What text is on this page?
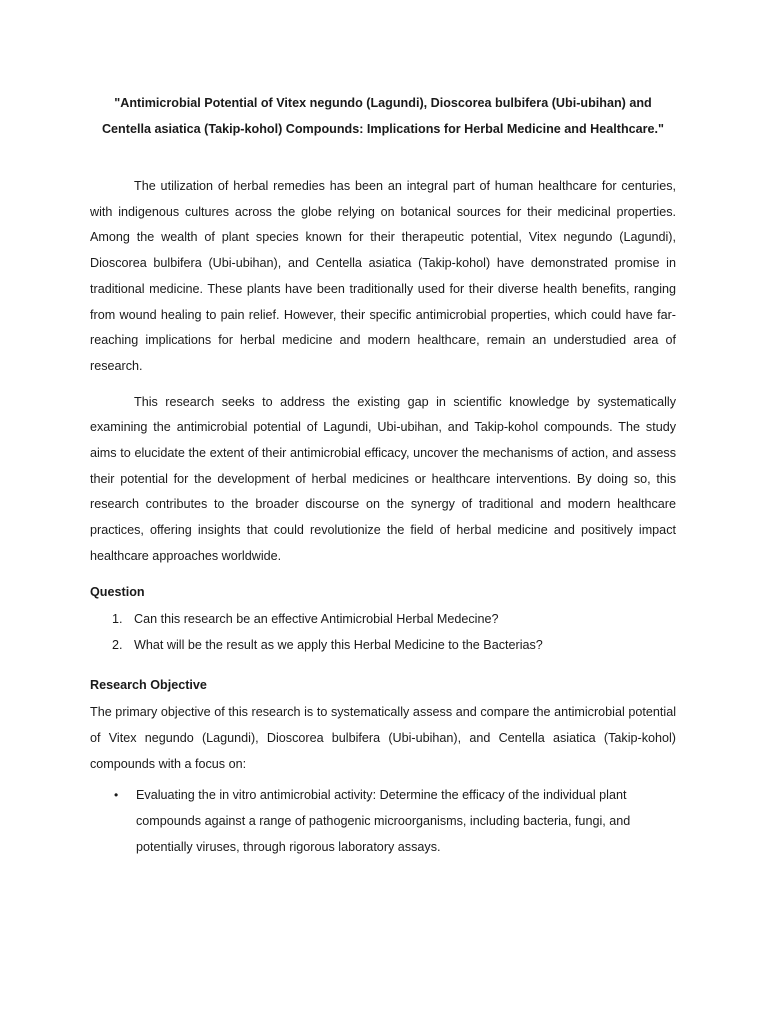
"Antimicrobial Potential of Vitex negundo (Lagundi), Dioscorea bulbifera (Ubi-ubihan) and Centella asiatica (Takip-kohol) Compounds: Implications for Herbal Medicine and Healthcare."

The utilization of herbal remedies has been an integral part of human healthcare for centuries, with indigenous cultures across the globe relying on botanical sources for their medicinal properties. Among the wealth of plant species known for their therapeutic potential, Vitex negundo (Lagundi), Dioscorea bulbifera (Ubi-ubihan), and Centella asiatica (Takip-kohol) have demonstrated promise in traditional medicine. These plants have been traditionally used for their diverse health benefits, ranging from wound healing to pain relief. However, their specific antimicrobial properties, which could have far-reaching implications for herbal medicine and modern healthcare, remain an understudied area of research.

This research seeks to address the existing gap in scientific knowledge by systematically examining the antimicrobial potential of Lagundi, Ubi-ubihan, and Takip-kohol compounds. The study aims to elucidate the extent of their antimicrobial efficacy, uncover the mechanisms of action, and assess their potential for the development of herbal medicines or healthcare interventions. By doing so, this research contributes to the broader discourse on the synergy of traditional and modern healthcare practices, offering insights that could revolutionize the field of herbal medicine and positively impact healthcare approaches worldwide.

Question

1. Can this research be an effective Antimicrobial Herbal Medecine?
2. What will be the result as we apply this Herbal Medicine to the Bacterias?

Research Objective

The primary objective of this research is to systematically assess and compare the antimicrobial potential of Vitex negundo (Lagundi), Dioscorea bulbifera (Ubi-ubihan), and Centella asiatica (Takip-kohol) compounds with a focus on:

• Evaluating the in vitro antimicrobial activity: Determine the efficacy of the individual plant compounds against a range of pathogenic microorganisms, including bacteria, fungi, and potentially viruses, through rigorous laboratory assays.
